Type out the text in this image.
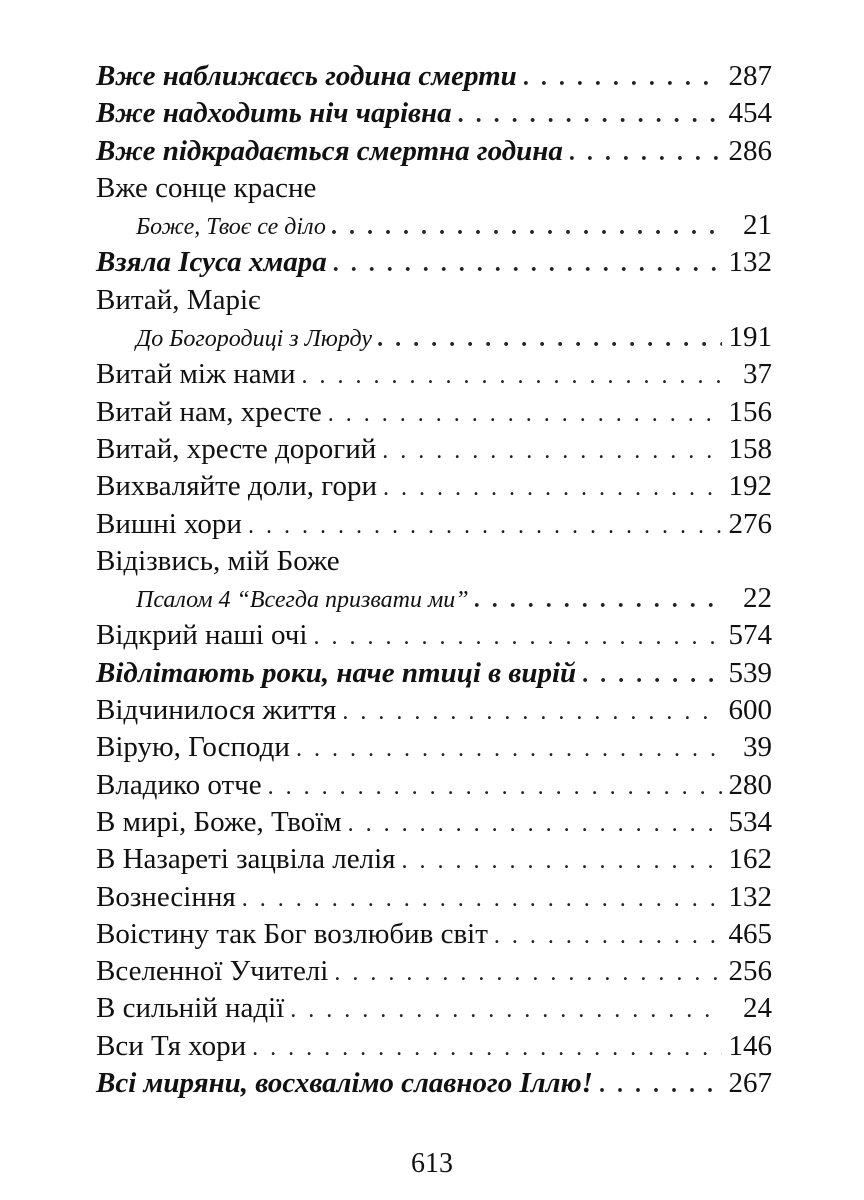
Вже наближаєсь година смерти . . .	287
Вже надходить ніч чарівна . . .	454
Вже підкрадається смертна година . . .	286
Вже сонце красне
Боже, Твоє се діло . . .	21
Взяла Ісуса хмара . . .	132
Витай, Маріє
До Богородиці з Люрду . . .	191
Витай між нами . . .	37
Витай нам, хресте . . .	156
Витай, хресте дорогий . . .	158
Вихваляйте доли, гори . . .	192
Вишні хори . . .	276
Відізвись, мій Боже
Псалом 4 “Всегда призвати ми” . . .	22
Відкрий наші очі . . .	574
Відлітають роки, наче птиці в вирій . . .	539
Відчинилося життя . . .	600
Вірую, Господи . . .	39
Владико отче . . .	280
В мирі, Боже, Твоїм . . .	534
В Назареті зацвіла лелія . . .	162
Вознесіння . . .	132
Воістину так Бог возлюбив світ . . .	465
Вселенної Учителі . . .	256
В сильній надії . . .	24
Вси Тя хори . . .	146
Всі миряни, восхвалімо славного Іллю! . . .	267
613
